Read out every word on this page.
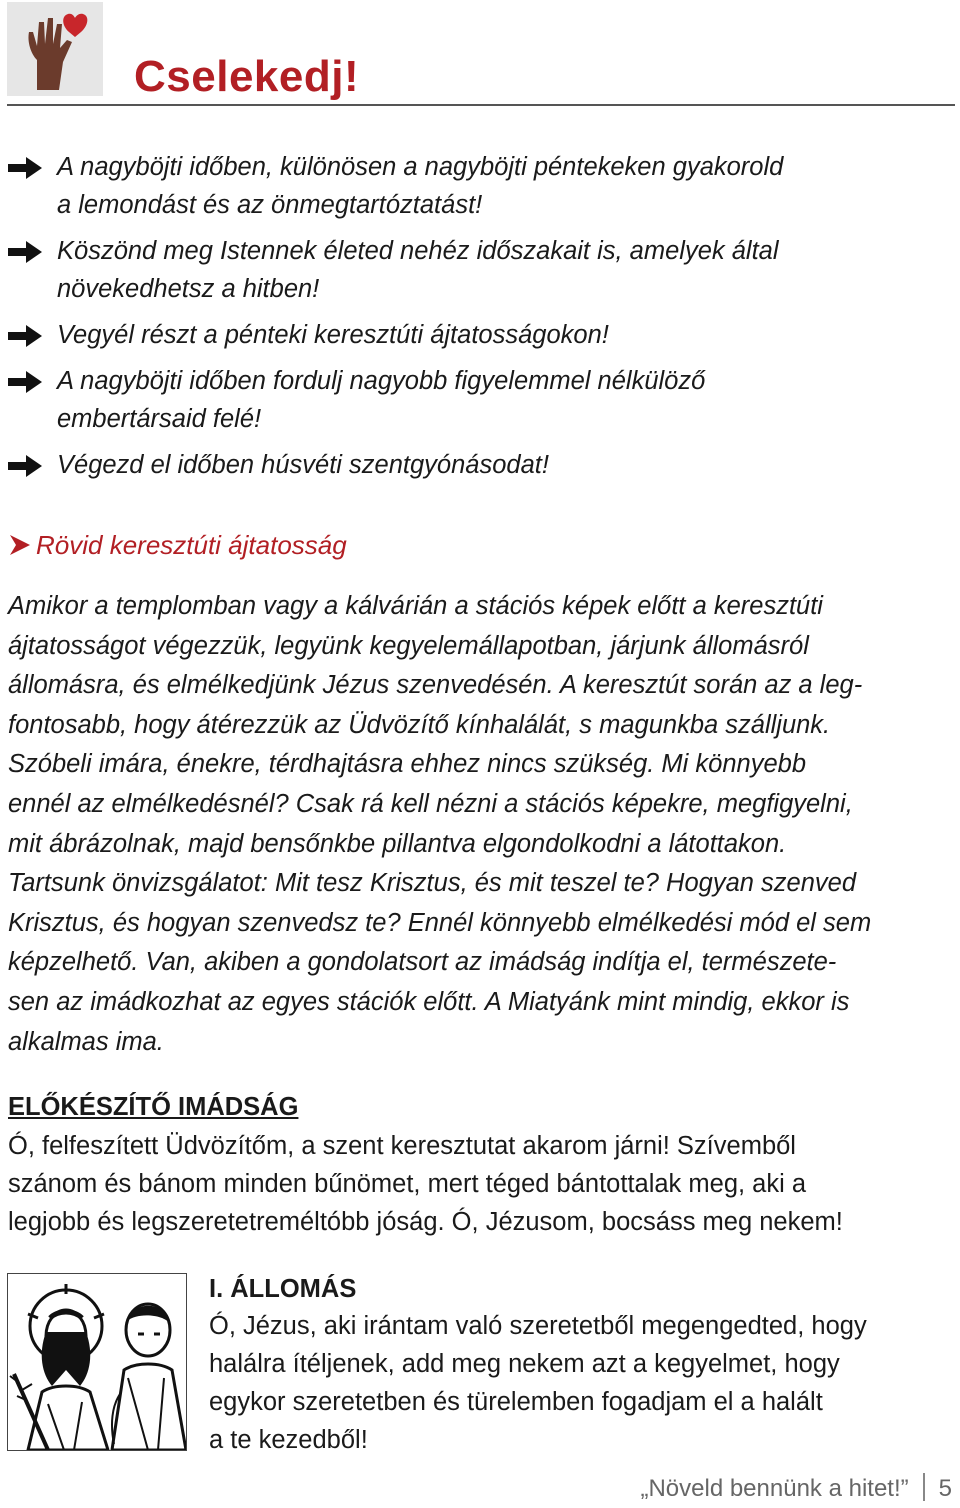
Cselekedj!
A nagyböjti időben, különösen a nagyböjti péntekeken gyakorold
a lemondást és az önmegtartóztatást!
Köszönd meg Istennek életed nehéz időszakait is, amelyek által
növekedhetsz a hitben!
Vegyél részt a pénteki keresztúti ájtatosságokon!
A nagyböjti időben fordulj nagyobb figyelemmel nélkülöző
embertársaid felé!
Végezd el időben húsvéti szentgyónásodat!
Rövid keresztúti ájtatosság
Amikor a templomban vagy a kálvárián a stációs képek előtt a keresztúti
ájtatosságot végezzük, legyünk kegyelemállapotban, járjunk állomásról
állomásra, és elmélkedjünk Jézus szenvedésén. A keresztút során az a leg-
fontosabb, hogy átérezzük az Üdvözítő kínhalálát, s magunkba szálljunk.
Szóbeli imára, énekre, térdhajtásra ehhez nincs szükség. Mi könnyebb
ennél az elmélkedésnél? Csak rá kell nézni a stációs képekre, megfigyelni,
mit ábrázolnak, majd bensőnkbe pillantva elgondolkodni a látottakon.
Tartsunk önvizsgálatot: Mit tesz Krisztus, és mit teszel te? Hogyan szenved
Krisztus, és hogyan szenvedsz te? Ennél könnyebb elmélkedési mód el sem
képzelhető. Van, akiben a gondolatsort az imádság indítja el, természete-
sen az imádkozhat az egyes stációk előtt. A Miatyánk mint mindig, ekkor is
alkalmas ima.
ELŐKÉSZÍTŐ IMÁDSÁG
Ó, felfeszített Üdvözítőm, a szent keresztutat akarom járni! Szívemből
szánom és bánom minden bűnömet, mert téged bántottalak meg, aki a
legjobb és legszeretetreméltóbb jóság. Ó, Jézusom, bocsáss meg nekem!
I. ÁLLOMÁS
Ó, Jézus, aki irántam való szeretetből megengedted, hogy
halálra ítéljenek, add meg nekem azt a kegyelmet, hogy
egykor szeretetben és türelemben fogadjam el a halált
a te kezedből!
„Növeld bennünk a hitet!” 5
